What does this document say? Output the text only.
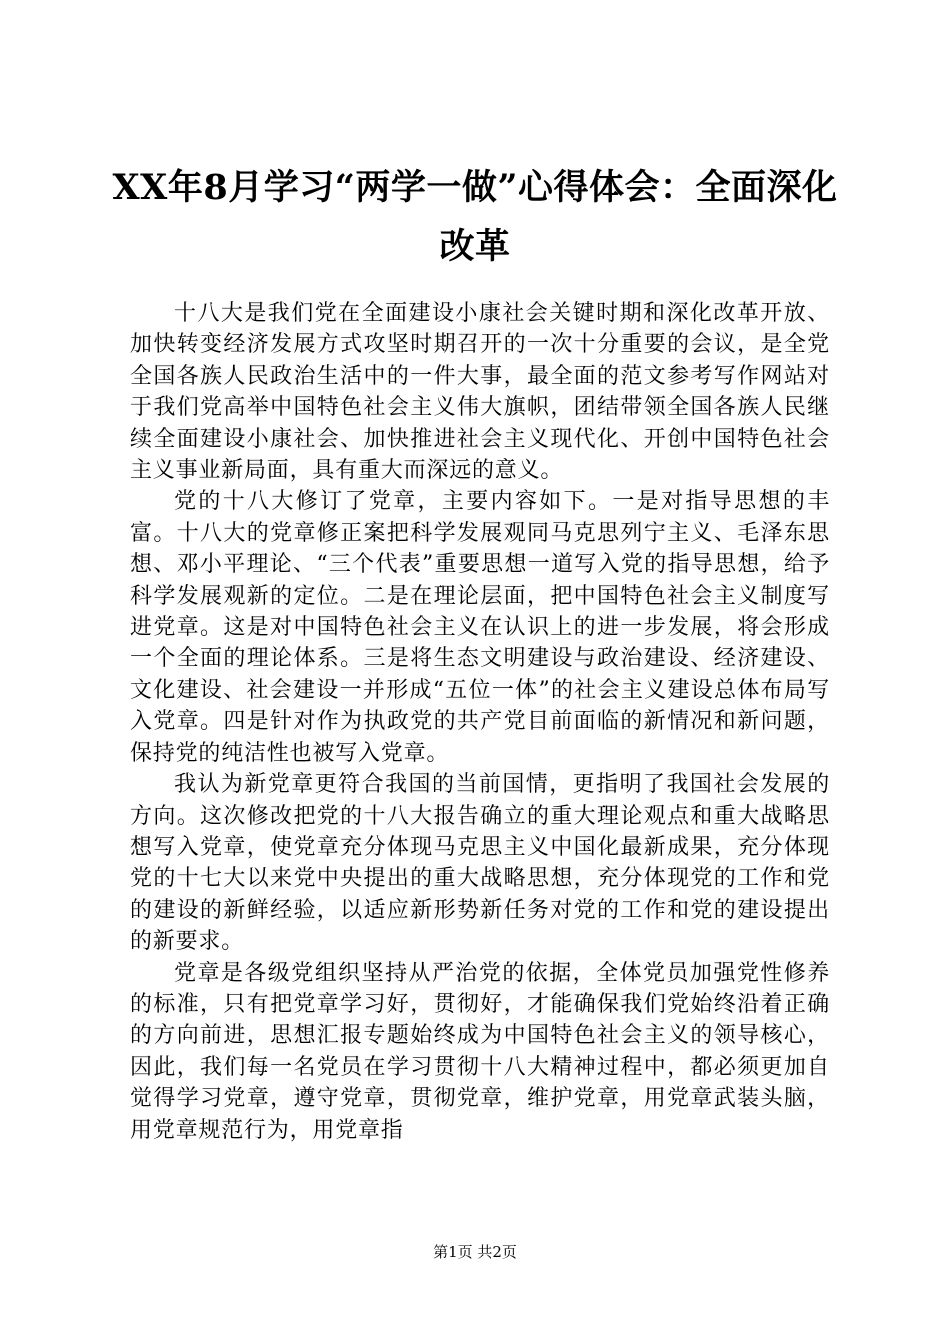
XX年8月学习“两学一做”心得体会：全面深化改革

十八大是我们党在全面建设小康社会关键时期和深化改革开放、加快转变经济发展方式攻坚时期召开的一次十分重要的会议，是全党全国各族人民政治生活中的一件大事，最全面的范文参考写作网站对于我们党高举中国特色社会主义伟大旗帜，团结带领全国各族人民继续全面建设小康社会、加快推进社会主义现代化、开创中国特色社会主义事业新局面，具有重大而深远的意义。

党的十八大修订了党章，主要内容如下。一是对指导思想的丰富。十八大的党章修正案把科学发展观同马克思列宁主义、毛泽东思想、邓小平理论、“三个代表”重要思想一道写入党的指导思想，给予科学发展观新的定位。二是在理论层面，把中国特色社会主义制度写进党章。这是对中国特色社会主义在认识上的进一步发展，将会形成一个全面的理论体系。三是将生态文明建设与政治建设、经济建设、文化建设、社会建设一并形成“五位一体”的社会主义建设总体布局写入党章。四是针对作为执政党的共产党目前面临的新情况和新问题，保持党的纯洁性也被写入党章。

我认为新党章更符合我国的当前国情，更指明了我国社会发展的方向。这次修改把党的十八大报告确立的重大理论观点和重大战略思想写入党章，使党章充分体现马克思主义中国化最新成果，充分体现党的十七大以来党中央提出的重大战略思想，充分体现党的工作和党的建设的新鲜经验，以适应新形势新任务对党的工作和党的建设提出的新要求。

党章是各级党组织坚持从严治党的依据，全体党员加强党性修养的标准，只有把党章学习好，贯彻好，才能确保我们党始终沿着正确的方向前进，思想汇报专题始终成为中国特色社会主义的领导核心，因此，我们每一名党员在学习贯彻十八大精神过程中，都必须更加自觉得学习党章，遵守党章，贯彻党章，维护党章，用党章武装头脑，用党章规范行为，用党章指

第1页 共2页
